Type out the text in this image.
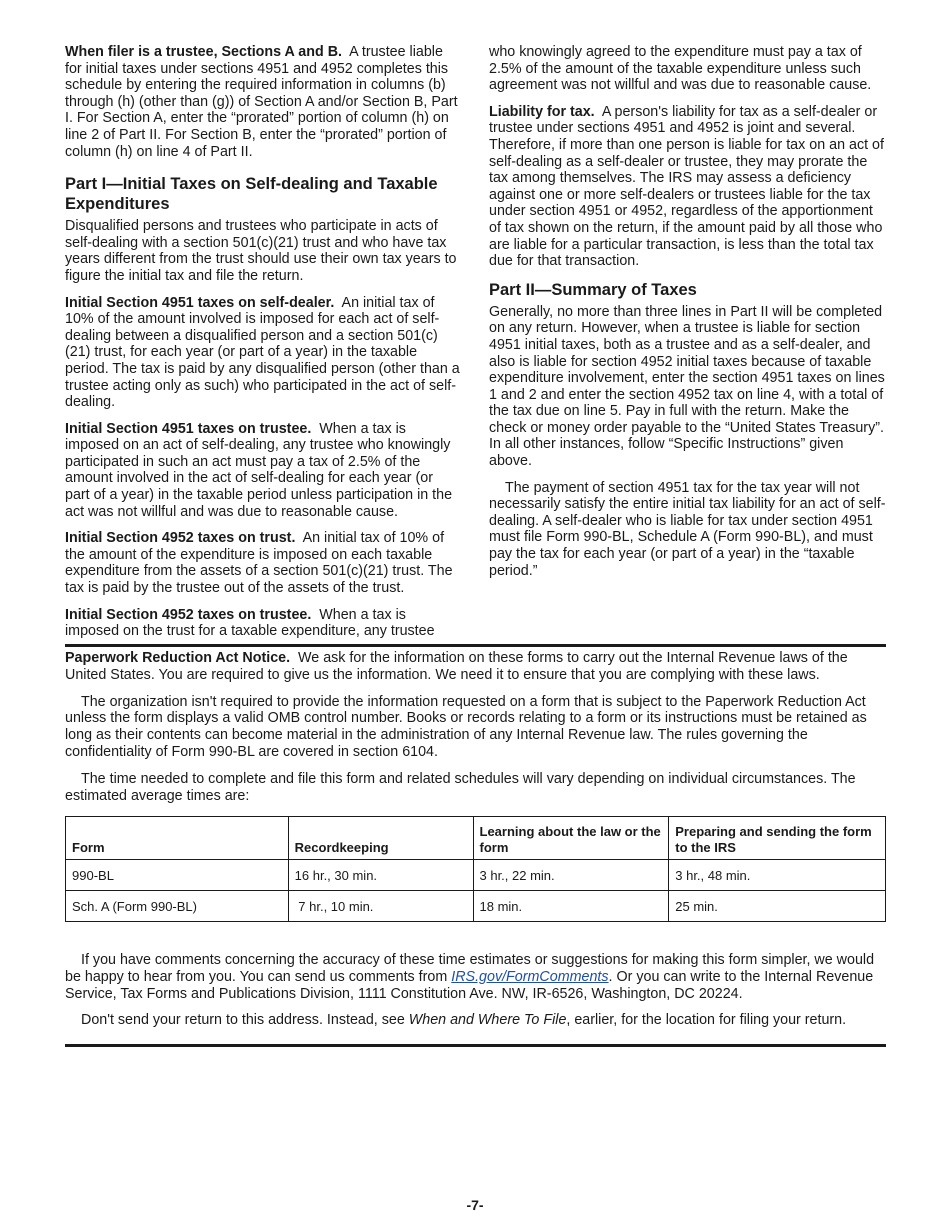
When filer is a trustee, Sections A and B. A trustee liable for initial taxes under sections 4951 and 4952 completes this schedule by entering the required information in columns (b) through (h) (other than (g)) of Section A and/or Section B, Part I. For Section A, enter the “prorated” portion of column (h) on line 2 of Part II. For Section B, enter the “prorated” portion of column (h) on line 4 of Part II.

Part I—Initial Taxes on Self-dealing and Taxable Expenditures

Disqualified persons and trustees who participate in acts of self-dealing with a section 501(c)(21) trust and who have tax years different from the trust should use their own tax years to figure the initial tax and file the return.

Initial Section 4951 taxes on self-dealer. An initial tax of 10% of the amount involved is imposed for each act of self-dealing between a disqualified person and a section 501(c)(21) trust, for each year (or part of a year) in the taxable period. The tax is paid by any disqualified person (other than a trustee acting only as such) who participated in the act of self-dealing.

Initial Section 4951 taxes on trustee. When a tax is imposed on an act of self-dealing, any trustee who knowingly participated in such an act must pay a tax of 2.5% of the amount involved in the act of self-dealing for each year (or part of a year) in the taxable period unless participation in the act was not willful and was due to reasonable cause.

Initial Section 4952 taxes on trust. An initial tax of 10% of the amount of the expenditure is imposed on each taxable expenditure from the assets of a section 501(c)(21) trust. The tax is paid by the trustee out of the assets of the trust.

Initial Section 4952 taxes on trustee. When a tax is imposed on the trust for a taxable expenditure, any trustee

who knowingly agreed to the expenditure must pay a tax of 2.5% of the amount of the taxable expenditure unless such agreement was not willful and was due to reasonable cause.

Liability for tax. A person's liability for tax as a self-dealer or trustee under sections 4951 and 4952 is joint and several. Therefore, if more than one person is liable for tax on an act of self-dealing as a self-dealer or trustee, they may prorate the tax among themselves. The IRS may assess a deficiency against one or more self-dealers or trustees liable for the tax under section 4951 or 4952, regardless of the apportionment of tax shown on the return, if the amount paid by all those who are liable for a particular transaction, is less than the total tax due for that transaction.

Part II—Summary of Taxes

Generally, no more than three lines in Part II will be completed on any return. However, when a trustee is liable for section 4951 initial taxes, both as a trustee and as a self-dealer, and also is liable for section 4952 initial taxes because of taxable expenditure involvement, enter the section 4951 taxes on lines 1 and 2 and enter the section 4952 tax on line 4, with a total of the tax due on line 5. Pay in full with the return. Make the check or money order payable to the “United States Treasury”. In all other instances, follow “Specific Instructions” given above.

The payment of section 4951 tax for the tax year will not necessarily satisfy the entire initial tax liability for an act of self-dealing. A self-dealer who is liable for tax under section 4951 must file Form 990-BL, Schedule A (Form 990-BL), and must pay the tax for each year (or part of a year) in the “taxable period.”

Paperwork Reduction Act Notice. We ask for the information on these forms to carry out the Internal Revenue laws of the United States. You are required to give us the information. We need it to ensure that you are complying with these laws.

The organization isn't required to provide the information requested on a form that is subject to the Paperwork Reduction Act unless the form displays a valid OMB control number. Books or records relating to a form or its instructions must be retained as long as their contents can become material in the administration of any Internal Revenue law. The rules governing the confidentiality of Form 990-BL are covered in section 6104.

The time needed to complete and file this form and related schedules will vary depending on individual circumstances. The estimated average times are:

Form	Recordkeeping	Learning about the law or the form	Preparing and sending the form to the IRS
990-BL	16 hr., 30 min.	3 hr., 22 min.	3 hr., 48 min.
Sch. A (Form 990-BL)	7 hr., 10 min.	18 min.	25 min.

If you have comments concerning the accuracy of these time estimates or suggestions for making this form simpler, we would be happy to hear from you. You can send us comments from IRS.gov/FormComments. Or you can write to the Internal Revenue Service, Tax Forms and Publications Division, 1111 Constitution Ave. NW, IR-6526, Washington, DC 20224.

Don't send your return to this address. Instead, see When and Where To File, earlier, for the location for filing your return.

-7-
